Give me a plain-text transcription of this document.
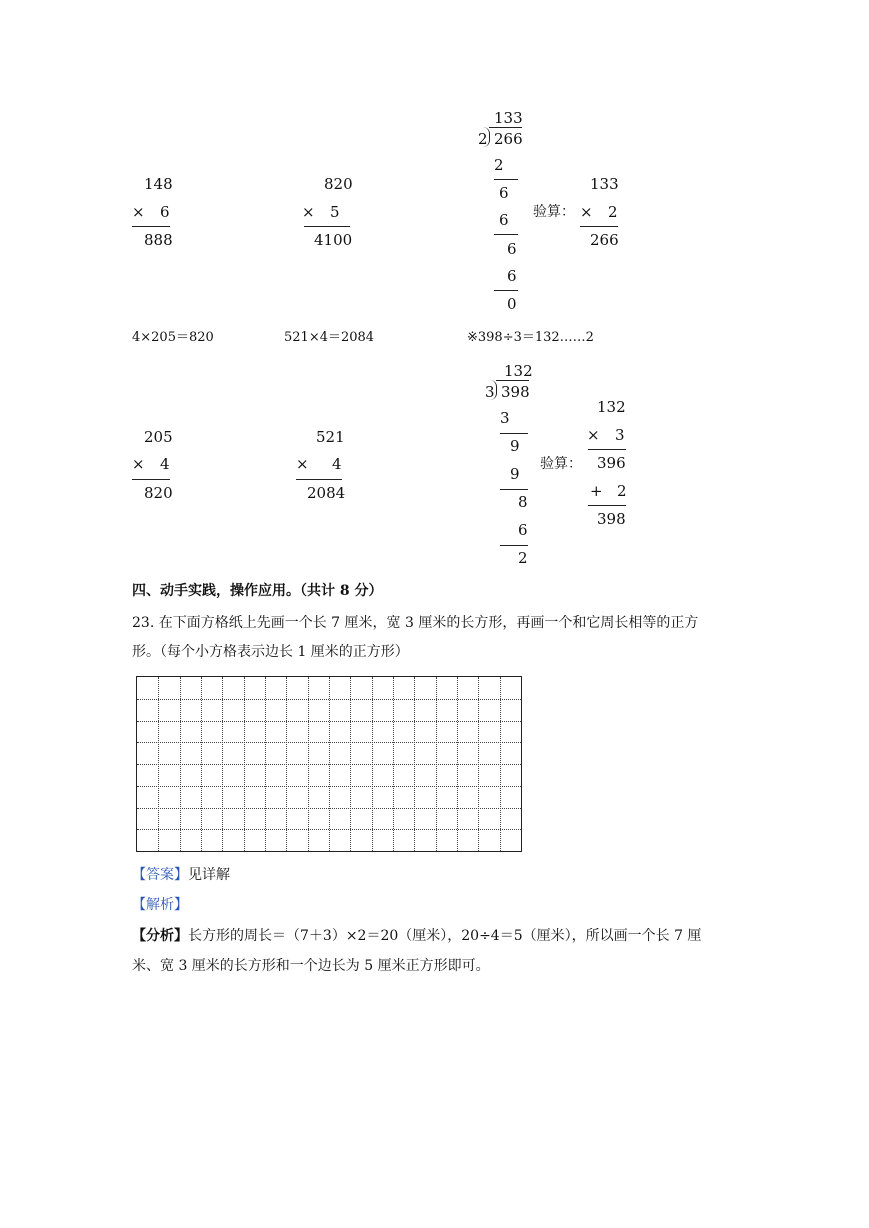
148
× 6
888
820
× 5
4100
133
2 266
2
6
6
6
6
0
验算：
133
× 2
266
4×205＝820	521×4＝2084	※398÷3＝132……2
205
× 4
820
521
× 4
2084
132
3 398
3
9
9
8
6
2
验算：
132
× 3
396
+ 2
398
四、动手实践，操作应用。（共计 8 分）
23. 在下面方格纸上先画一个长 7 厘米，宽 3 厘米的长方形，再画一个和它周长相等的正方
形。（每个小方格表示边长 1 厘米的正方形）
【答案】见详解
【解析】
【分析】长方形的周长＝（7＋3）×2＝20（厘米），20÷4＝5（厘米），所以画一个长 7 厘
米、宽 3 厘米的长方形和一个边长为 5 厘米正方形即可。
